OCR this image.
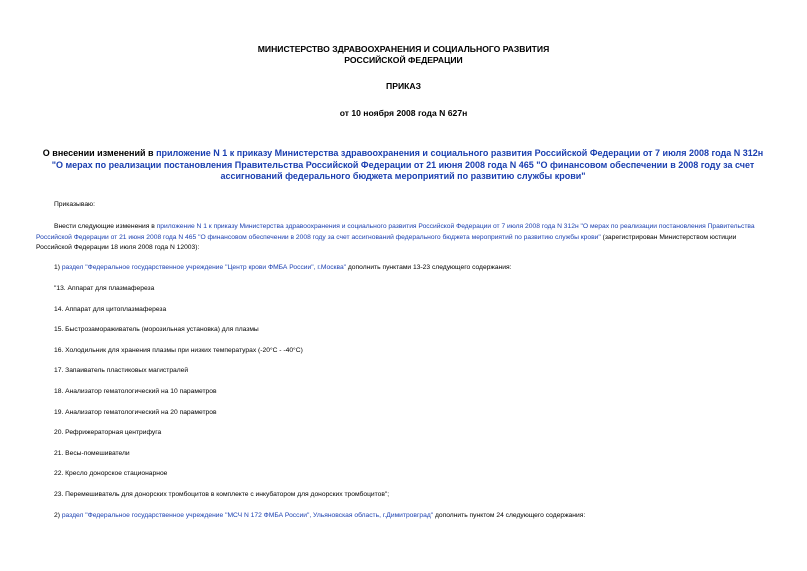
МИНИСТЕРСТВО ЗДРАВООХРАНЕНИЯ И СОЦИАЛЬНОГО РАЗВИТИЯ
РОССИЙСКОЙ ФЕДЕРАЦИИ
ПРИКАЗ
от 10 ноября 2008 года N 627н
О внесении изменений в приложение N 1 к приказу Министерства здравоохранения и социального развития Российской Федерации от 7 июля 2008 года N 312н "О мерах по реализации постановления Правительства Российской Федерации от 21 июня 2008 года N 465 "О финансовом обеспечении в 2008 году за счет ассигнований федерального бюджета мероприятий по развитию службы крови"
Приказываю:
Внести следующие изменения в приложение N 1 к приказу Министерства здравоохранения и социального развития Российской Федерации от 7 июля 2008 года N 312н "О мерах по реализации постановления Правительства Российской Федерации от 21 июня 2008 года N 465 "О финансовом обеспечении в 2008 году за счет ассигнований федерального бюджета мероприятий по развитию службы крови" (зарегистрирован Министерством юстиции Российской Федерации 18 июля 2008 года N 12003):
1) раздел "Федеральное государственное учреждение "Центр крови ФМБА России", г.Москва" дополнить пунктами 13-23 следующего содержания:
"13. Аппарат для плазмафереза
14. Аппарат для цитоплазмафереза
15. Быстрозамораживатель (морозильная установка) для плазмы
16. Холодильник для хранения плазмы при низких температурах (-20°С - -40°С)
17. Запаиватель пластиковых магистралей
18. Анализатор гематологический на 10 параметров
19. Анализатор гематологический на 20 параметров
20. Рефрижераторная центрифуга
21. Весы-помешиватели
22. Кресло донорское стационарное
23. Перемешиватель для донорских тромбоцитов в комплекте с инкубатором для донорских тромбоцитов";
2) раздел "Федеральное государственное учреждение "МСЧ N 172 ФМБА России", Ульяновская область, г.Димитровград" дополнить пунктом 24 следующего содержания:
